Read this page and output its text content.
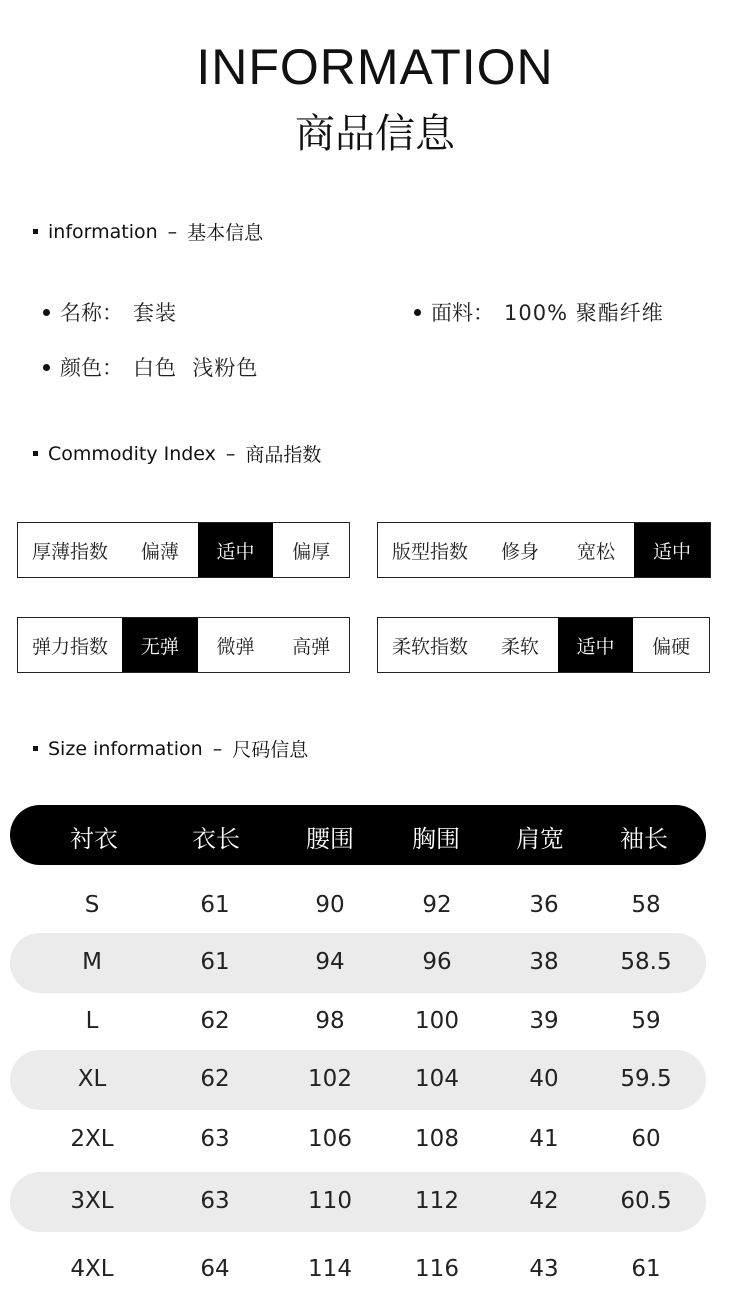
INFORMATION
商品信息
information – 基本信息
名称： 套装	面料： 100% 聚酯纤维
颜色： 白色  浅粉色
Commodity Index – 商品指数
厚薄指数	偏薄	适中	偏厚	版型指数	修身	宽松	适中
弹力指数	无弹	微弹	高弹	柔软指数	柔软	适中	偏硬
Size information – 尺码信息
衬衣	衣长	腰围	胸围	肩宽	袖长
S	61	90	92	36	58
M	61	94	96	38	58.5
L	62	98	100	39	59
XL	62	102	104	40	59.5
2XL	63	106	108	41	60
3XL	63	110	112	42	60.5
4XL	64	114	116	43	61
